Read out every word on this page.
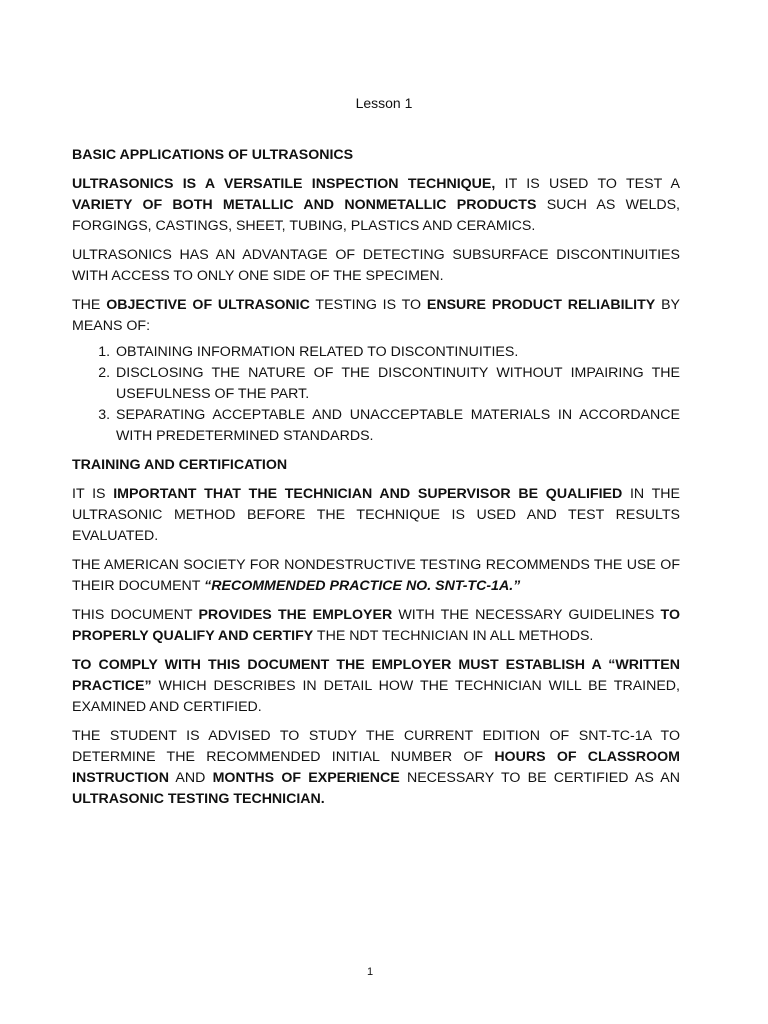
Lesson 1
BASIC APPLICATIONS OF ULTRASONICS

ULTRASONICS IS A VERSATILE INSPECTION TECHNIQUE, IT IS USED TO TEST A VARIETY OF BOTH METALLIC AND NONMETALLIC PRODUCTS SUCH AS WELDS, FORGINGS, CASTINGS, SHEET, TUBING, PLASTICS AND CERAMICS.

ULTRASONICS HAS AN ADVANTAGE OF DETECTING SUBSURFACE DISCONTINUITIES WITH ACCESS TO ONLY ONE SIDE OF THE SPECIMEN.

THE OBJECTIVE OF ULTRASONIC TESTING IS TO ENSURE PRODUCT RELIABILITY BY MEANS OF:

1. OBTAINING INFORMATION RELATED TO DISCONTINUITIES.
2. DISCLOSING THE NATURE OF THE DISCONTINUITY WITHOUT IMPAIRING THE USEFULNESS OF THE PART.
3. SEPARATING ACCEPTABLE AND UNACCEPTABLE MATERIALS IN ACCORDANCE WITH PREDETERMINED STANDARDS.
TRAINING AND CERTIFICATION

IT IS IMPORTANT THAT THE TECHNICIAN AND SUPERVISOR BE QUALIFIED IN THE ULTRASONIC METHOD BEFORE THE TECHNIQUE IS USED AND TEST RESULTS EVALUATED.

THE AMERICAN SOCIETY FOR NONDESTRUCTIVE TESTING RECOMMENDS THE USE OF THEIR DOCUMENT “RECOMMENDED PRACTICE NO. SNT-TC-1A.”

THIS DOCUMENT PROVIDES THE EMPLOYER WITH THE NECESSARY GUIDELINES TO PROPERLY QUALIFY AND CERTIFY THE NDT TECHNICIAN IN ALL METHODS.

TO COMPLY WITH THIS DOCUMENT THE EMPLOYER MUST ESTABLISH A “WRITTEN PRACTICE” WHICH DESCRIBES IN DETAIL HOW THE TECHNICIAN WILL BE TRAINED, EXAMINED AND CERTIFIED.

THE STUDENT IS ADVISED TO STUDY THE CURRENT EDITION OF SNT-TC-1A TO DETERMINE THE RECOMMENDED INITIAL NUMBER OF HOURS OF CLASSROOM INSTRUCTION AND MONTHS OF EXPERIENCE NECESSARY TO BE CERTIFIED AS AN ULTRASONIC TESTING TECHNICIAN.

1
